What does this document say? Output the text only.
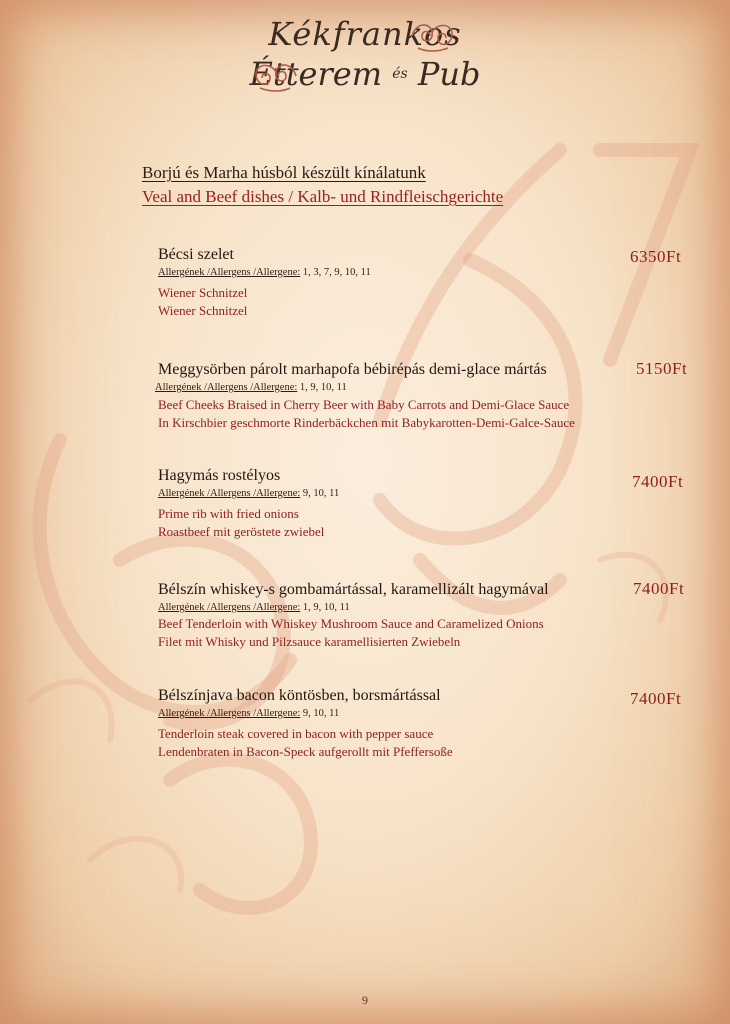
Kékfrankos
Étterem $^{és}$ Pub
Borjú és Marha húsból készült kínálatunk
Veal and Beef dishes / Kalb- und Rindfleischgerichte
Bécsi szelet
Allergének /Allergens /Allergene: 1, 3, 7, 9, 10, 11
Wiener Schnitzel
Wiener Schnitzel
6350Ft
Meggysörben párolt marhapofa bébirépás demi-glace mártás
Allergének /Allergens /Allergene: 1, 9, 10, 11
Beef Cheeks Braised in Cherry Beer with Baby Carrots and Demi-Glace Sauce
In Kirschbier geschmorte Rinderbäckchen mit Babykarotten-Demi-Galce-Sauce
5150Ft
Hagymás rostélyos
Allergének /Allergens /Allergene: 9, 10, 11
Prime rib with fried onions
Roastbeef mit geröstete zwiebel
7400Ft
Bélszín whiskey-s gombamártással, karamellizált hagymával
Allergének /Allergens /Allergene: 1, 9, 10, 11
Beef Tenderloin with Whiskey Mushroom Sauce and Caramelized Onions
Filet mit Whisky und Pilzsauce karamellisierten Zwiebeln
7400Ft
Bélszínjava bacon köntösben, borsmártással
Allergének /Allergens /Allergene: 9, 10, 11
Tenderloin steak covered in bacon with pepper sauce
Lendenbraten in Bacon-Speck aufgerollt mit Pfeffersoße
7400Ft
9
